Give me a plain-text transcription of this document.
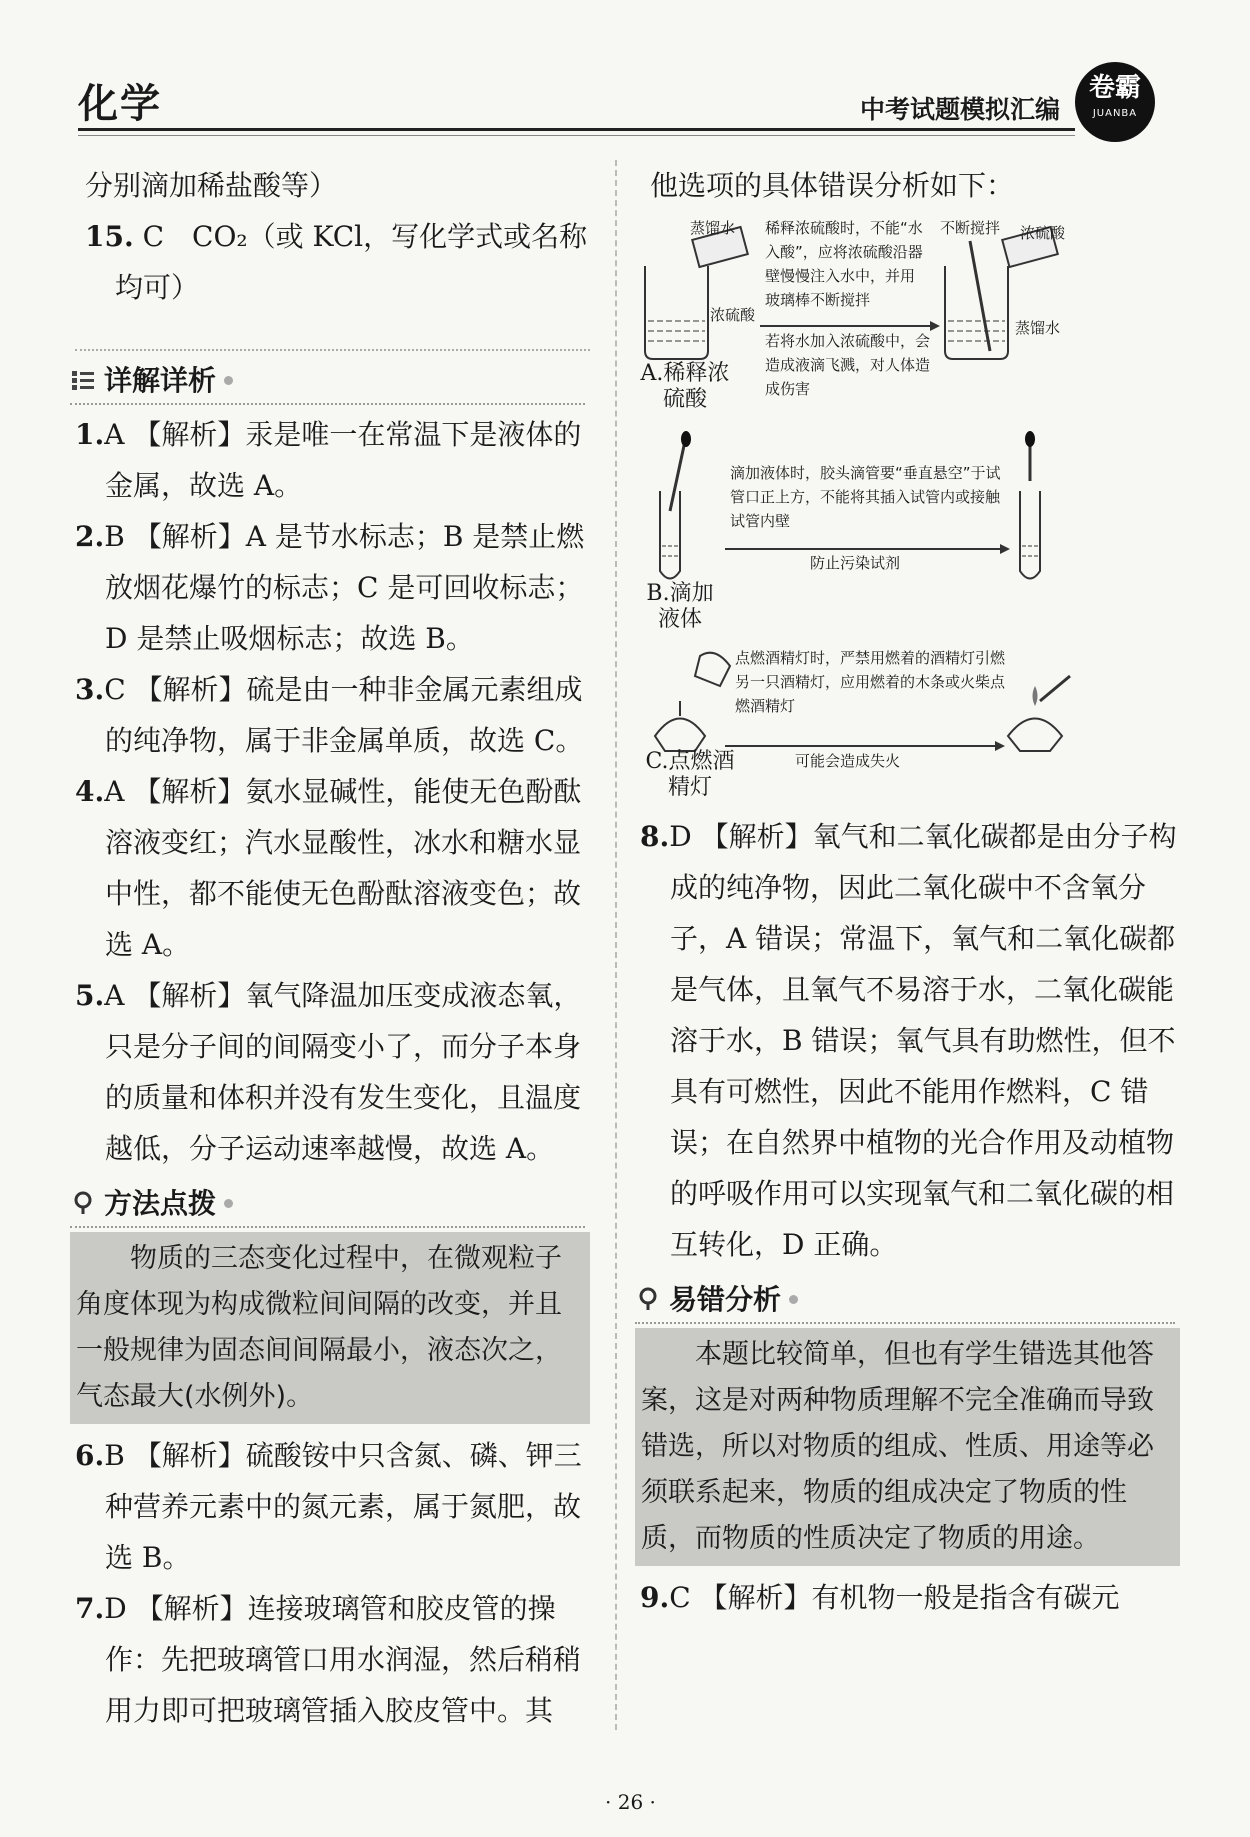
化学	中考试题模拟汇编
卷霸
JUANBA

分别滴加稀盐酸等）

15. C　CO₂（或 KCl，写化学式或名称均可）

详解详析

1.A 【解析】汞是唯一在常温下是液体的金属，故选 A。

2.B 【解析】A 是节水标志；B 是禁止燃放烟花爆竹的标志；C 是可回收标志；D 是禁止吸烟标志；故选 B。

3.C 【解析】硫是由一种非金属元素组成的纯净物，属于非金属单质，故选 C。

4.A 【解析】氨水显碱性，能使无色酚酞溶液变红；汽水显酸性，冰水和糖水显中性，都不能使无色酚酞溶液变色；故选 A。

5.A 【解析】氧气降温加压变成液态氧，只是分子间的间隔变小了，而分子本身的质量和体积并没有发生变化，且温度越低，分子运动速率越慢，故选 A。

方法点拨

物质的三态变化过程中，在微观粒子角度体现为构成微粒间间隔的改变，并且一般规律为固态间间隔最小，液态次之，气态最大(水例外)。

6.B 【解析】硫酸铵中只含氮、磷、钾三种营养元素中的氮元素，属于氮肥，故选 B。

7.D 【解析】连接玻璃管和胶皮管的操作：先把玻璃管口用水润湿，然后稍稍用力即可把玻璃管插入胶皮管中。其

他选项的具体错误分析如下：

蒸馏水
浓硫酸
稀释浓硫酸时，不能“水入酸”，应将浓硫酸沿器壁慢慢注入水中，并用玻璃棒不断搅拌
若将水加入浓硫酸中，会造成液滴飞溅，对人体造成伤害
不断搅拌 浓硫酸
蒸馏水
A.稀释浓硫酸
滴加液体时，胶头滴管要“垂直悬空”于试管口正上方，不能将其插入试管内或接触试管内壁
防止污染试剂
B.滴加液体
点燃酒精灯时，严禁用燃着的酒精灯引燃另一只酒精灯，应用燃着的木条或火柴点燃酒精灯
可能会造成失火
C.点燃酒精灯

8.D 【解析】氧气和二氧化碳都是由分子构成的纯净物，因此二氧化碳中不含氧分子，A 错误；常温下，氧气和二氧化碳都是气体，且氧气不易溶于水，二氧化碳能溶于水，B 错误；氧气具有助燃性，但不具有可燃性，因此不能用作燃料，C 错误；在自然界中植物的光合作用及动植物的呼吸作用可以实现氧气和二氧化碳的相互转化，D 正确。

易错分析

本题比较简单，但也有学生错选其他答案，这是对两种物质理解不完全准确而导致错选，所以对物质的组成、性质、用途等必须联系起来，物质的组成决定了物质的性质，而物质的性质决定了物质的用途。

9.C 【解析】有机物一般是指含有碳元

· 26 ·
